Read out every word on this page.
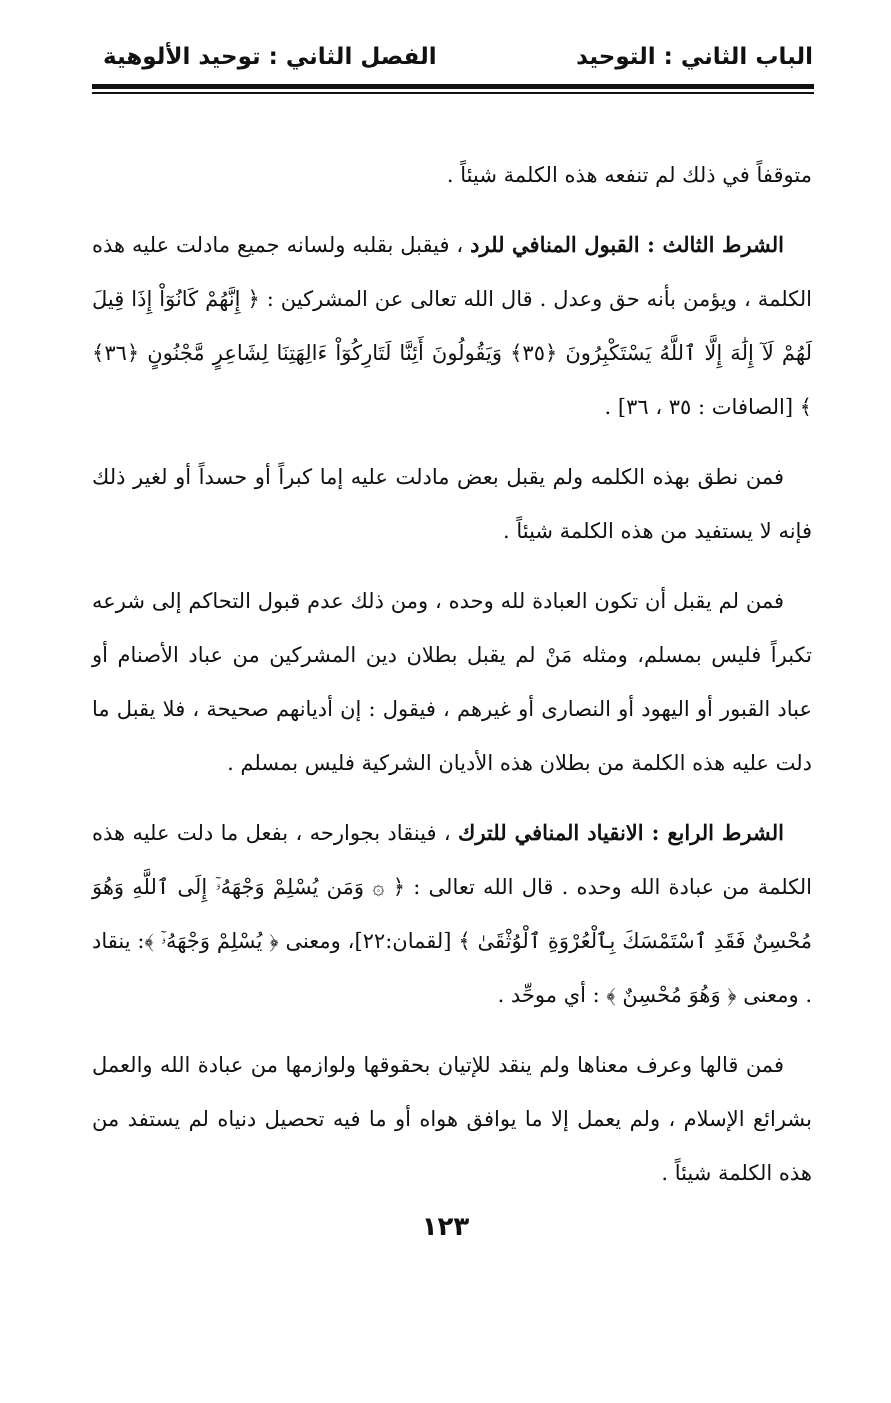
الباب الثاني : التوحيد
الفصل الثاني : توحيد الألوهية

متوقفاً في ذلك لم تنفعه هذه الكلمة شيئاً .

الشرط الثالث : القبول المنافي للرد ، فيقبل بقلبه ولسانه جميع مادلت عليه هذه الكلمة ، ويؤمن بأنه حق وعدل . قال الله تعالى عن المشركين : ﴿ إِنَّهُمْ كَانُوٓاْ إِذَا قِيلَ لَهُمْ لَآ إِلَٰهَ إِلَّا ٱللَّهُ يَسْتَكْبِرُونَ ﴿٣٥﴾ وَيَقُولُونَ أَئِنَّا لَتَارِكُوٓاْ ءَالِهَتِنَا لِشَاعِرٍ مَّجْنُونٍ ﴿٣٦﴾ ﴾ [الصافات : ٣٥ ، ٣٦] .

فمن نطق بهذه الكلمه ولم يقبل بعض مادلت عليه إما كبراً أو حسداً أو لغير ذلك فإنه لا يستفيد من هذه الكلمة شيئاً .

فمن لم يقبل أن تكون العبادة لله وحده ، ومن ذلك عدم قبول التحاكم إلى شرعه تكبراً فليس بمسلم، ومثله مَنْ لم يقبل بطلان دين المشركين من عباد الأصنام أو عباد القبور أو اليهود أو النصارى أو غيرهم ، فيقول : إن أديانهم صحيحة ، فلا يقبل ما دلت عليه هذه الكلمة من بطلان هذه الأديان الشركية فليس بمسلم .

الشرط الرابع : الانقياد المنافي للترك ، فينقاد بجوارحه ، بفعل ما دلت عليه هذه الكلمة من عبادة الله وحده . قال الله تعالى : ﴿ ۞ وَمَن يُسْلِمْ وَجْهَهُۥٓ إِلَى ٱللَّهِ وَهُوَ مُحْسِنٌ فَقَدِ ٱسْتَمْسَكَ بِٱلْعُرْوَةِ ٱلْوُثْقَىٰ ﴾ [لقمان:٢٢]، ومعنى ﴿ يُسْلِمْ وَجْهَهُۥٓ ﴾: ينقاد . ومعنى ﴿ وَهُوَ مُحْسِنٌ ﴾ : أي موحِّد .

فمن قالها وعرف معناها ولم ينقد للإتيان بحقوقها ولوازمها من عبادة الله والعمل بشرائع الإسلام ، ولم يعمل إلا ما يوافق هواه أو ما فيه تحصيل دنياه لم يستفد من هذه الكلمة شيئاً .

١٢٣
